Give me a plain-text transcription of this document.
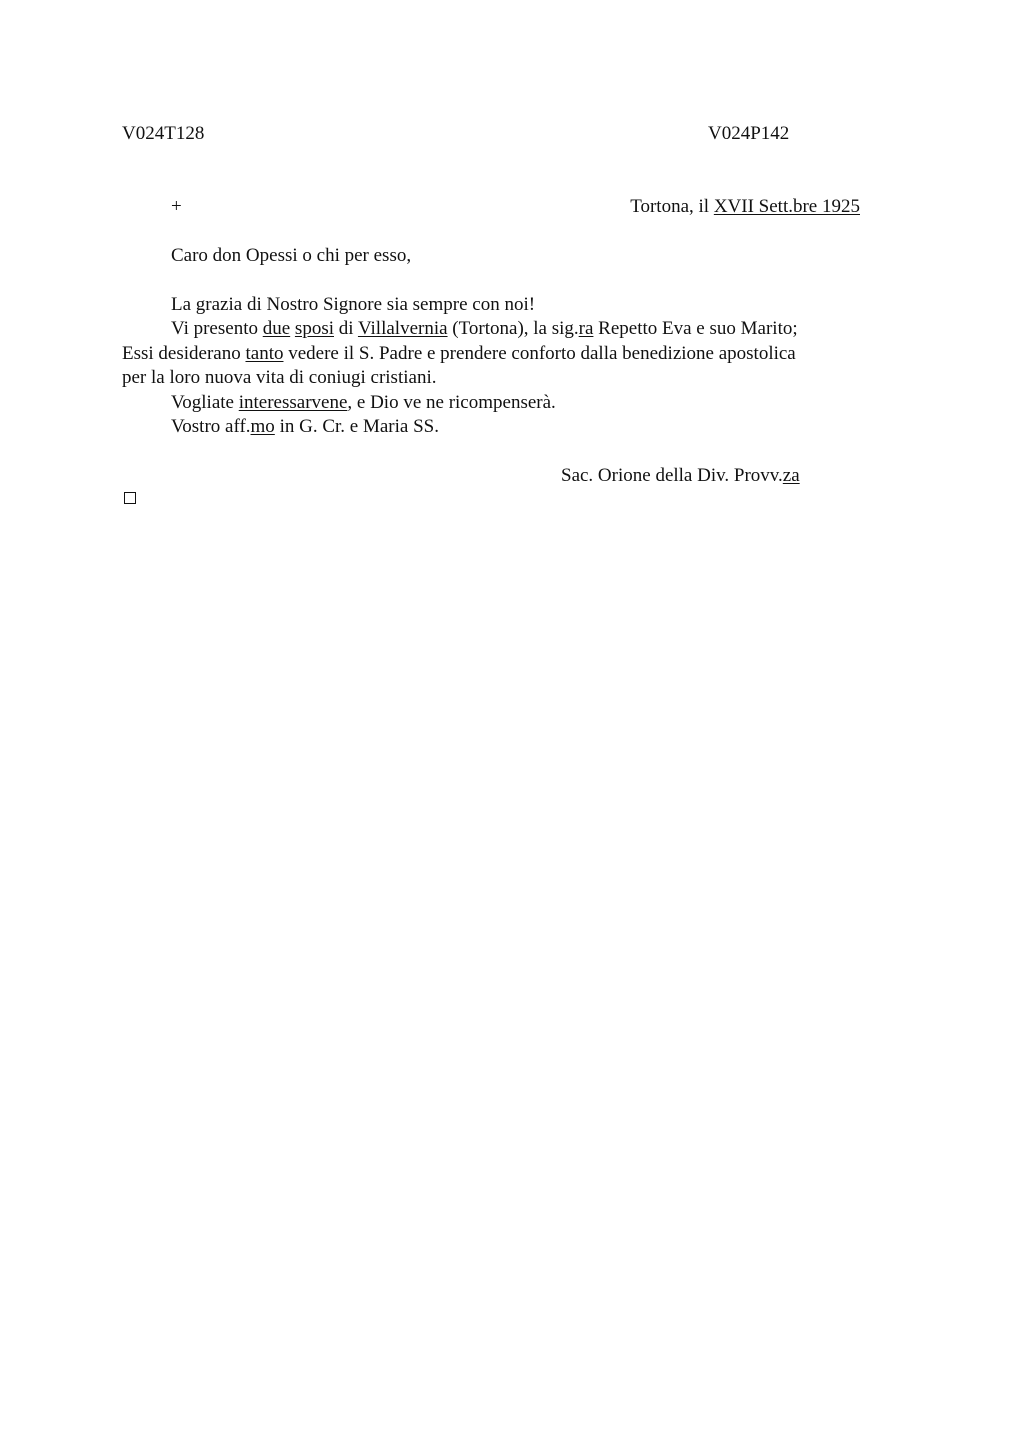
V024T128	V024P142
+	Tortona, il XVII Sett.bre 1925
Caro don Opessi o chi per esso,
La grazia di Nostro Signore sia sempre con noi!
Vi presento due sposi di Villalvernia (Tortona), la sig.ra Repetto Eva e suo Marito;
Essi desiderano tanto vedere il S. Padre e prendere conforto dalla benedizione apostolica
per la loro nuova vita di coniugi cristiani.
Vogliate interessarvene, e Dio ve ne ricompenserà.
Vostro aff.mo in G. Cr. e Maria SS.
Sac. Orione della Div. Provv.za
